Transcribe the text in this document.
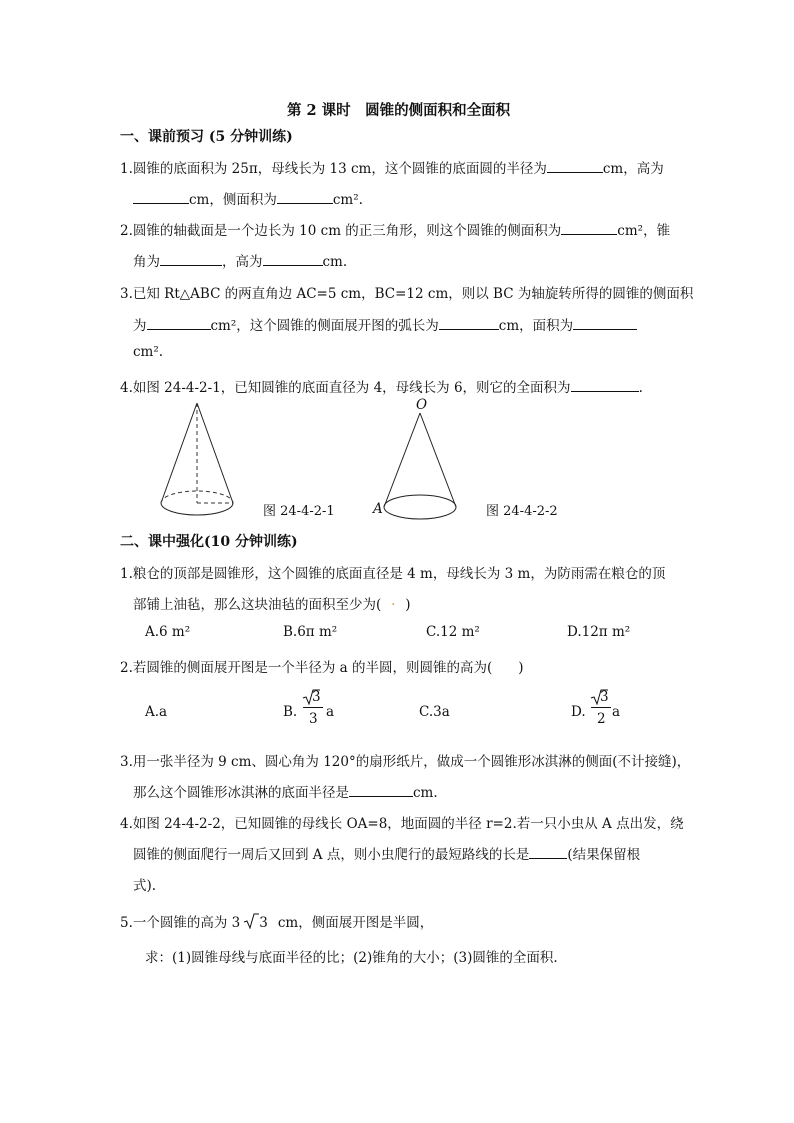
第 2 课时　圆锥的侧面积和全面积
一、课前预习 (5 分钟训练)
1.圆锥的底面积为 25π，母线长为 13 cm，这个圆锥的底面圆的半径为	cm，高为
cm，侧面积为	cm².
2.圆锥的轴截面是一个边长为 10 cm 的正三角形，则这个圆锥的侧面积为	cm²，锥
角为	，高为	cm.
3.已知 Rt△ABC 的两直角边 AC=5 cm，BC=12 cm，则以 BC 为轴旋转所得的圆锥的侧面积
为	cm²，这个圆锥的侧面展开图的弧长为	cm，面积为
cm².
4.如图 24-4-2-1，已知圆锥的底面直径为 4，母线长为 6，则它的全面积为	.
图 24-4-2-1
O
A	图 24-4-2-2
二、课中强化(10 分钟训练)
1.粮仓的顶部是圆锥形，这个圆锥的底面直径是 4 m，母线长为 3 m，为防雨需在粮仓的顶
部铺上油毡，那么这块油毡的面积至少为( · )
A.6 m²	B.6π m²	C.12 m²	D.12π m²
2.若圆锥的侧面展开图是一个半径为 a 的半圆，则圆锥的高为( )
A.a	B.
3
3 a	C.3a	D.
3
2 a
3.用一张半径为 9 cm、圆心角为 120°的扇形纸片，做成一个圆锥形冰淇淋的侧面(不计接缝)，
那么这个圆锥形冰淇淋的底面半径是	cm.
4.如图 24-4-2-2，已知圆锥的母线长 OA=8，地面圆的半径 r=2.若一只小虫从 A 点出发，绕
圆锥的侧面爬行一周后又回到 A 点，则小虫爬行的最短路线的长是	(结果保留根
式).
5.一个圆锥的高为 3 3 cm，侧面展开图是半圆，
求：(1)圆锥母线与底面半径的比；(2)锥角的大小；(3)圆锥的全面积.
